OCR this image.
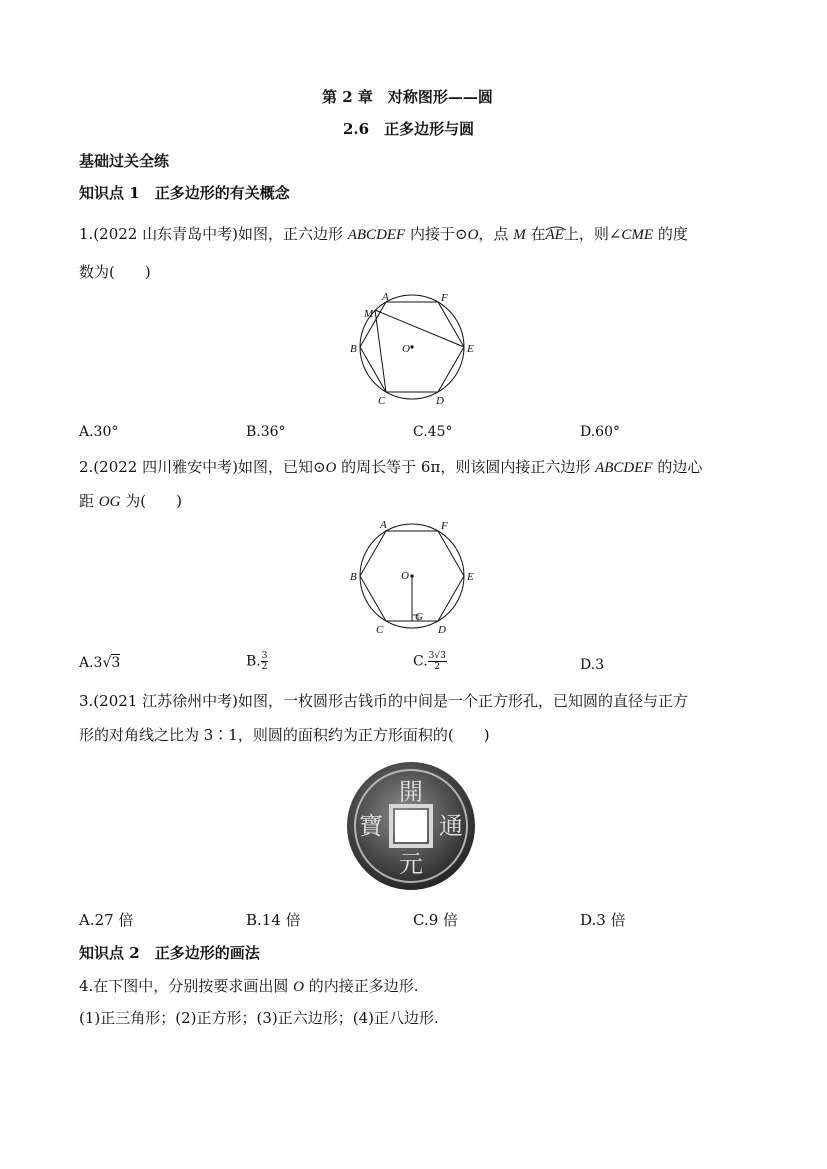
第 2 章　对称图形——圆
2.6　正多边形与圆
基础过关全练
知识点 1　 正多边形的有关概念
1.(2022 山东青岛中考)如图，正六边形 ABCDEF 内接于⊙O，点 M 在
AE上，则∠CME 的度
数为(　　)
A	F
M
O
B	E
C	D
A.30°	B.36°	C.45°	D.60°
2.(2022 四川雅安中考)如图，已知⊙O 的周长等于 6π，则该圆内接正六边形 ABCDEF 的边心
距 OG 为(　　)
A	F
O
B	E
G
C	D
A.3√3	B. $\frac{3}{2}$	C. $\frac{3√3}{2}$	D.3
3.(2021 江苏徐州中考)如图，一枚圆形古钱币的中间是一个正方形孔，已知圆的直径与正方
形的对角线之比为 3∶1，则圆的面积约为正方形面积的(　　)
開
通
元
寶
A.27 倍	B.14 倍	C.9 倍	D.3 倍
知识点 2　 正多边形的画法
4.在下图中，分别按要求画出圆 O 的内接正多边形.
(1)正三角形；(2)正方形；(3)正六边形；(4)正八边形.
